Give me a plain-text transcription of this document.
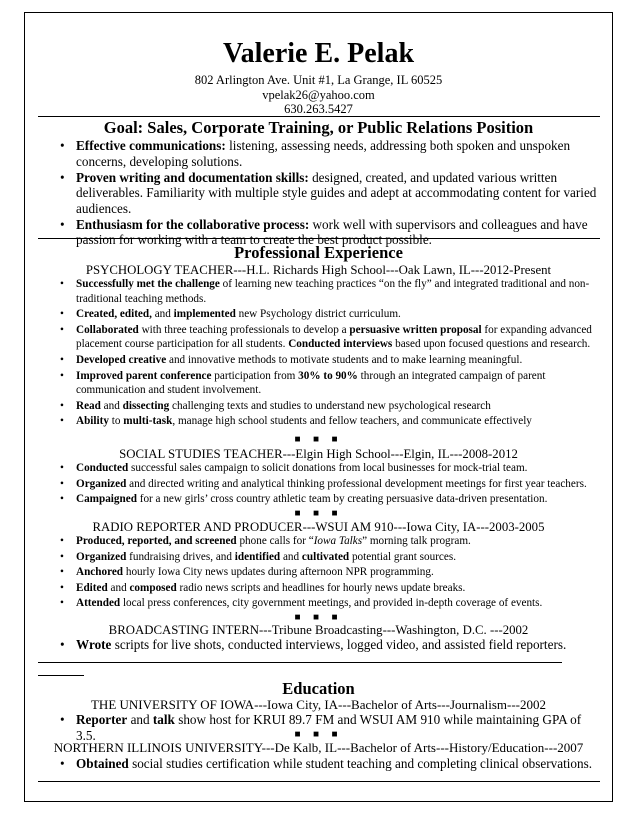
Valerie E. Pelak
802 Arlington Ave. Unit #1, La Grange, IL 60525
vpelak26@yahoo.com
630.263.5427
Goal: Sales, Corporate Training, or Public Relations Position
• Effective communications: listening, assessing needs, addressing both spoken and unspoken concerns, developing solutions.
• Proven writing and documentation skills: designed, created, and updated various written deliverables. Familiarity with multiple style guides and adept at accommodating content for varied audiences.
• Enthusiasm for the collaborative process: work well with supervisors and colleagues and have passion for working with a team to create the best product possible.
Professional Experience
PSYCHOLOGY TEACHER---H.L. Richards High School---Oak Lawn, IL---2012-Present
• Successfully met the challenge of learning new teaching practices “on the fly” and integrated traditional and non-traditional teaching methods.
• Created, edited, and implemented new Psychology district curriculum.
• Collaborated with three teaching professionals to develop a persuasive written proposal for expanding advanced placement course participation for all students. Conducted interviews based upon focused questions and research.
• Developed creative and innovative methods to motivate students and to make learning meaningful.
• Improved parent conference participation from 30% to 90% through an integrated campaign of parent communication and student involvement.
• Read and dissecting challenging texts and studies to understand new psychological research
• Ability to multi-task, manage high school students and fellow teachers, and communicate effectively
■ ■ ■
SOCIAL STUDIES TEACHER---Elgin High School---Elgin, IL---2008-2012
• Conducted successful sales campaign to solicit donations from local businesses for mock-trial team.
• Organized and directed writing and analytical thinking professional development meetings for first year teachers.
• Campaigned for a new girls’ cross country athletic team by creating persuasive data-driven presentation.
■ ■ ■
RADIO REPORTER AND PRODUCER---WSUI AM 910---Iowa City, IA---2003-2005
• Produced, reported, and screened phone calls for “Iowa Talks” morning talk program.
• Organized fundraising drives, and identified and cultivated potential grant sources.
• Anchored hourly Iowa City news updates during afternoon NPR programming.
• Edited and composed radio news scripts and headlines for hourly news update breaks.
• Attended local press conferences, city government meetings, and provided in-depth coverage of events.
■ ■ ■
BROADCASTING INTERN---Tribune Broadcasting---Washington, D.C. ---2002
• Wrote scripts for live shots, conducted interviews, logged video, and assisted field reporters.
Education
THE UNIVERSITY OF IOWA---Iowa City, IA---Bachelor of Arts---Journalism---2002
• Reporter and talk show host for KRUI 89.7 FM and WSUI AM 910 while maintaining GPA of 3.5.	■ ■ ■
NORTHERN ILLINOIS UNIVERSITY---De Kalb, IL---Bachelor of Arts---History/Education---2007
• Obtained social studies certification while student teaching and completing clinical observations.
